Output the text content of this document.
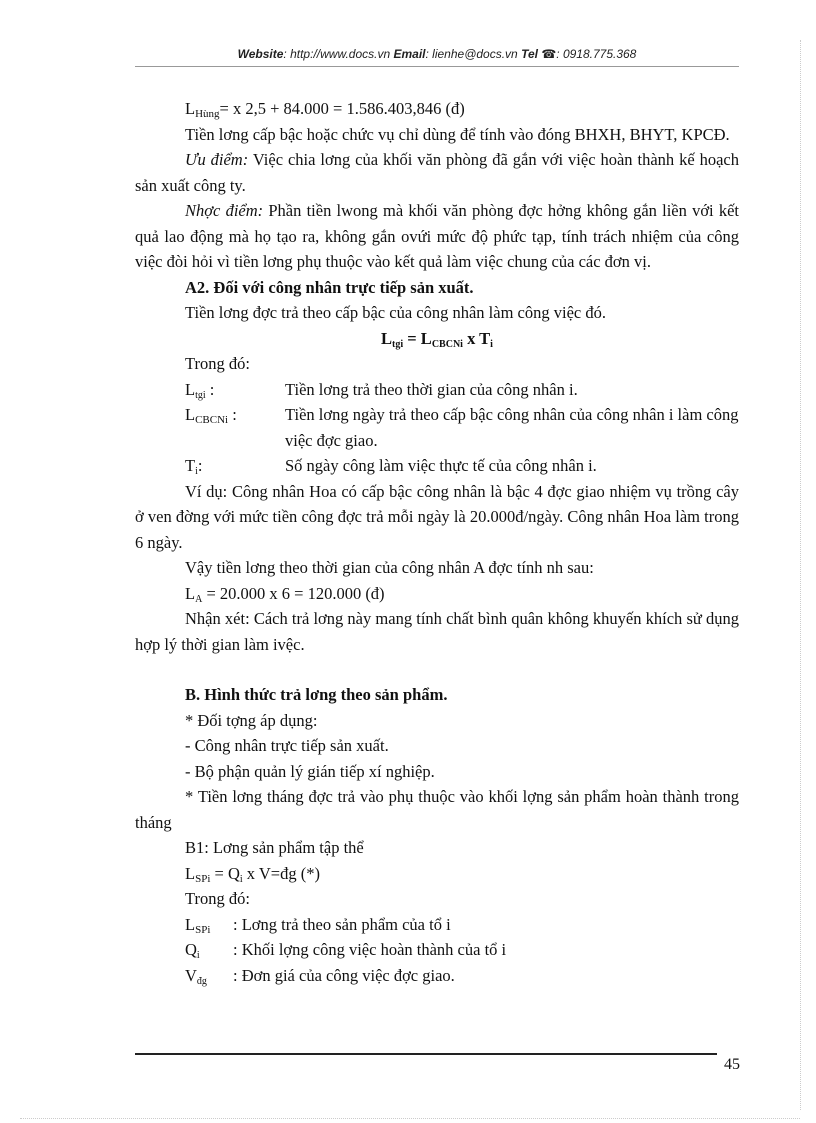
Website: http://www.docs.vn Email: lienhe@docs.vn Tel ☎: 0918.775.368

$L_{Hùng}= x$ 2,5 + 84.000 = 1.586.403,846 (đ)

Tiền lơng cấp bậc hoặc chức vụ chỉ dùng để tính vào đóng BHXH, BHYT, KPCĐ.

Ưu điểm: Việc chia lơng của khối văn phòng đã gắn với việc hoàn thành kế hoạch sản xuất công ty.

Nhợc điểm: Phần tiền lwong mà khối văn phòng đợc hởng không gắn liền với kết quả lao động mà họ tạo ra, không gắn ovứi mức độ phức tạp, tính trách nhiệm của công việc đòi hỏi vì tiền lơng phụ thuộc vào kết quả làm việc chung của các đơn vị.

A2. Đối với công nhân trực tiếp sản xuất.

Tiền lơng đợc trả theo cấp bậc của công nhân làm công việc đó.

$L_{tgi} = L_{CBCNi}$ x $T_i$

Trong đó:

$L_{tgi}$ :	Tiền lơng trả theo thời gian của công nhân i.
$L_{CBCNi}$ :	Tiền lơng ngày trả theo cấp bậc công nhân của công nhân i làm công việc đợc giao.
$T_i$:	Số ngày công làm việc thực tế của công nhân i.

Ví dụ: Công nhân Hoa có cấp bậc công nhân là bậc 4 đợc giao nhiệm vụ trồng cây ở ven đờng với mức tiền công đợc trả mỗi ngày là 20.000đ/ngày. Công nhân Hoa làm trong 6 ngày.

Vậy tiền lơng theo thời gian của công nhân A đợc tính nh sau:

$L_A = 20.000$ x 6 = 120.000 (đ)

Nhận xét: Cách trả lơng này mang tính chất bình quân không khuyến khích sử dụng hợp lý thời gian làm ivệc.

B. Hình thức trả lơng theo sản phẩm.

* Đối tợng áp dụng:

- Công nhân trực tiếp sản xuất.

- Bộ phận quản lý gián tiếp xí nghiệp.

* Tiền lơng tháng đợc trả vào phụ thuộc vào khối lợng sản phẩm hoàn thành trong tháng

B1: Lơng sản phẩm tập thể

$L_{SPi} = Q_i$ x V=đg (*)

Trong đó:

$L_{SPi}$	: Lơng trả theo sản phẩm của tổ i
$Q_i$	: Khối lợng công việc hoàn thành của tổ i
$V_{đg}$	: Đơn giá của công việc đợc giao.
45
